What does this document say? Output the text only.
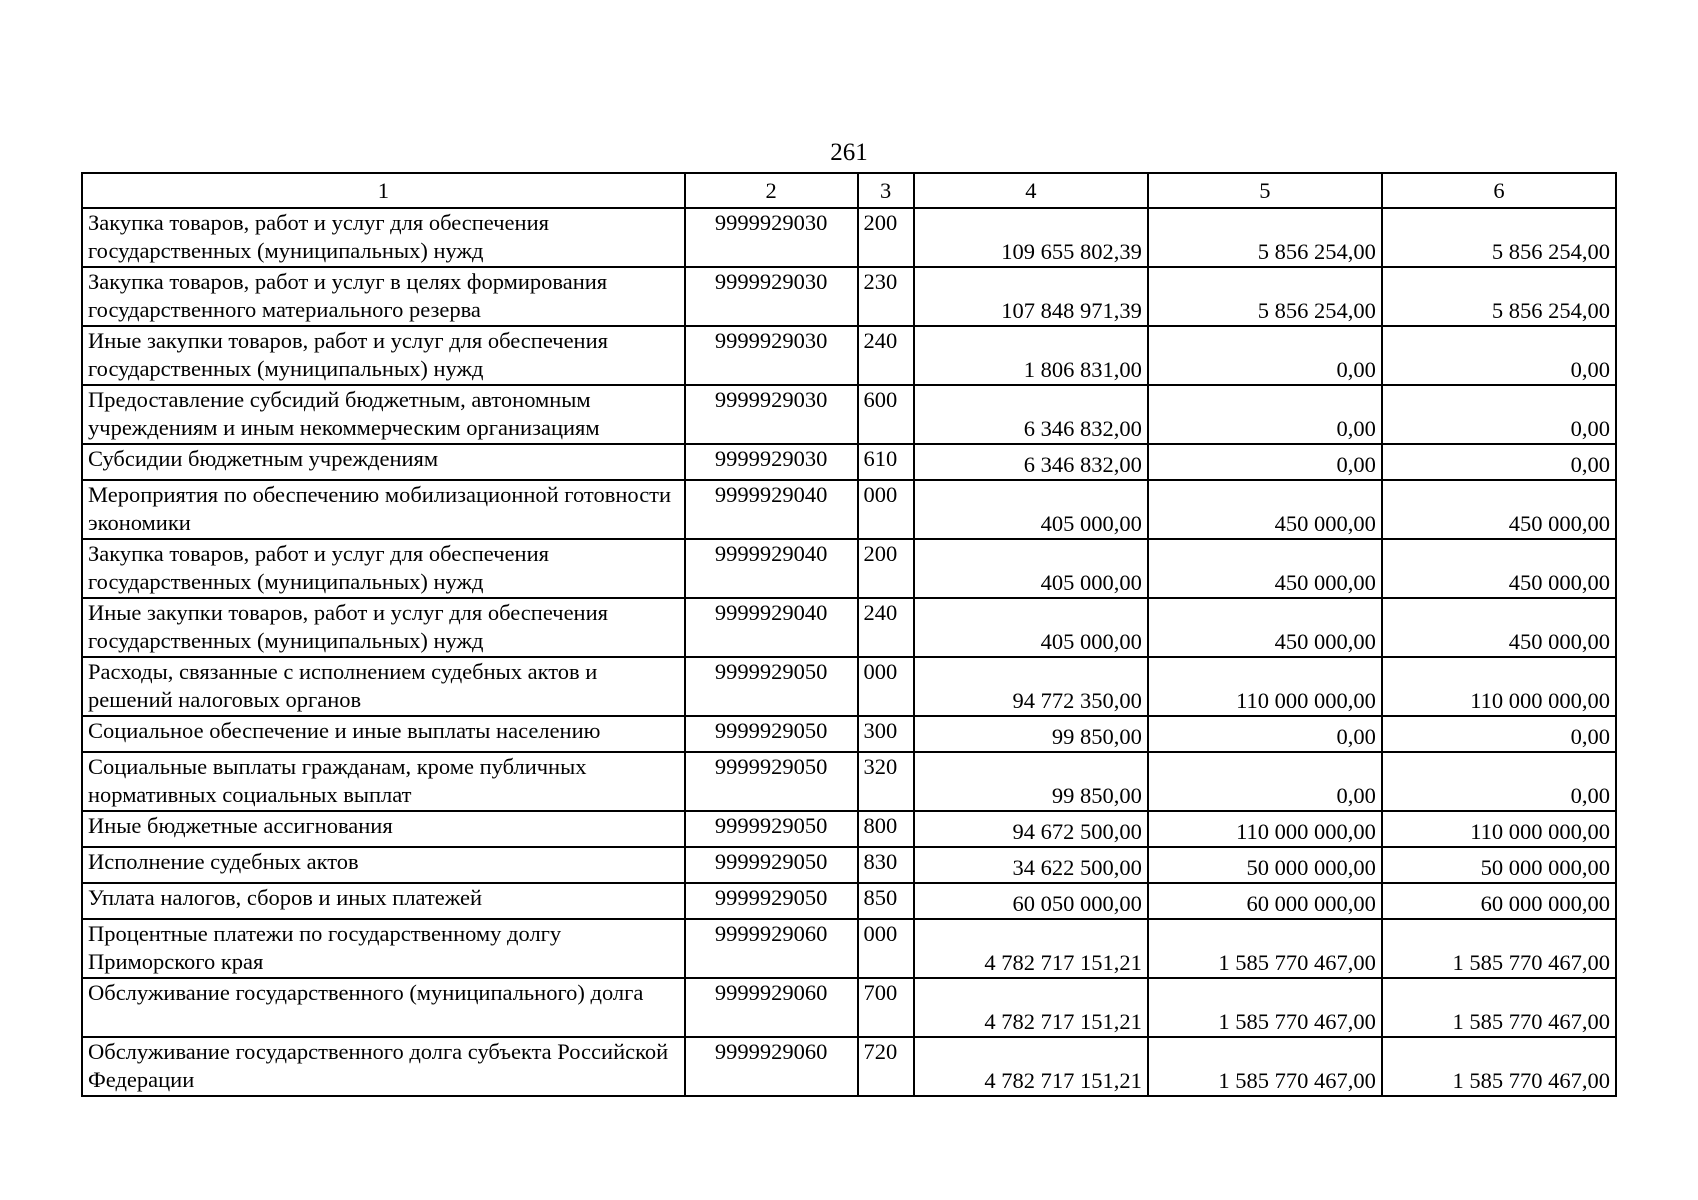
261
1	2	3	4	5	6
Закупка товаров, работ и услуг для обеспечения государственных (муниципальных) нужд	9999929030	200	109 655 802,39	5 856 254,00	5 856 254,00
Закупка товаров, работ и услуг в целях формирования государственного материального резерва	9999929030	230	107 848 971,39	5 856 254,00	5 856 254,00
Иные закупки товаров, работ и услуг для обеспечения государственных (муниципальных) нужд	9999929030	240	1 806 831,00	0,00	0,00
Предоставление субсидий бюджетным, автономным учреждениям и иным некоммерческим организациям	9999929030	600	6 346 832,00	0,00	0,00
Субсидии бюджетным учреждениям	9999929030	610	6 346 832,00	0,00	0,00
Мероприятия по обеспечению мобилизационной готовности экономики	9999929040	000	405 000,00	450 000,00	450 000,00
Закупка товаров, работ и услуг для обеспечения государственных (муниципальных) нужд	9999929040	200	405 000,00	450 000,00	450 000,00
Иные закупки товаров, работ и услуг для обеспечения государственных (муниципальных) нужд	9999929040	240	405 000,00	450 000,00	450 000,00
Расходы, связанные с исполнением судебных актов и решений налоговых органов	9999929050	000	94 772 350,00	110 000 000,00	110 000 000,00
Социальное обеспечение и иные выплаты населению	9999929050	300	99 850,00	0,00	0,00
Социальные выплаты гражданам, кроме публичных нормативных социальных выплат	9999929050	320	99 850,00	0,00	0,00
Иные бюджетные ассигнования	9999929050	800	94 672 500,00	110 000 000,00	110 000 000,00
Исполнение судебных актов	9999929050	830	34 622 500,00	50 000 000,00	50 000 000,00
Уплата налогов, сборов и иных платежей	9999929050	850	60 050 000,00	60 000 000,00	60 000 000,00
Процентные платежи по государственному долгу Приморского края	9999929060	000	4 782 717 151,21	1 585 770 467,00	1 585 770 467,00
Обслуживание государственного (муниципального) долга	9999929060	700	4 782 717 151,21	1 585 770 467,00	1 585 770 467,00
Обслуживание государственного долга субъекта Российской Федерации	9999929060	720	4 782 717 151,21	1 585 770 467,00	1 585 770 467,00
